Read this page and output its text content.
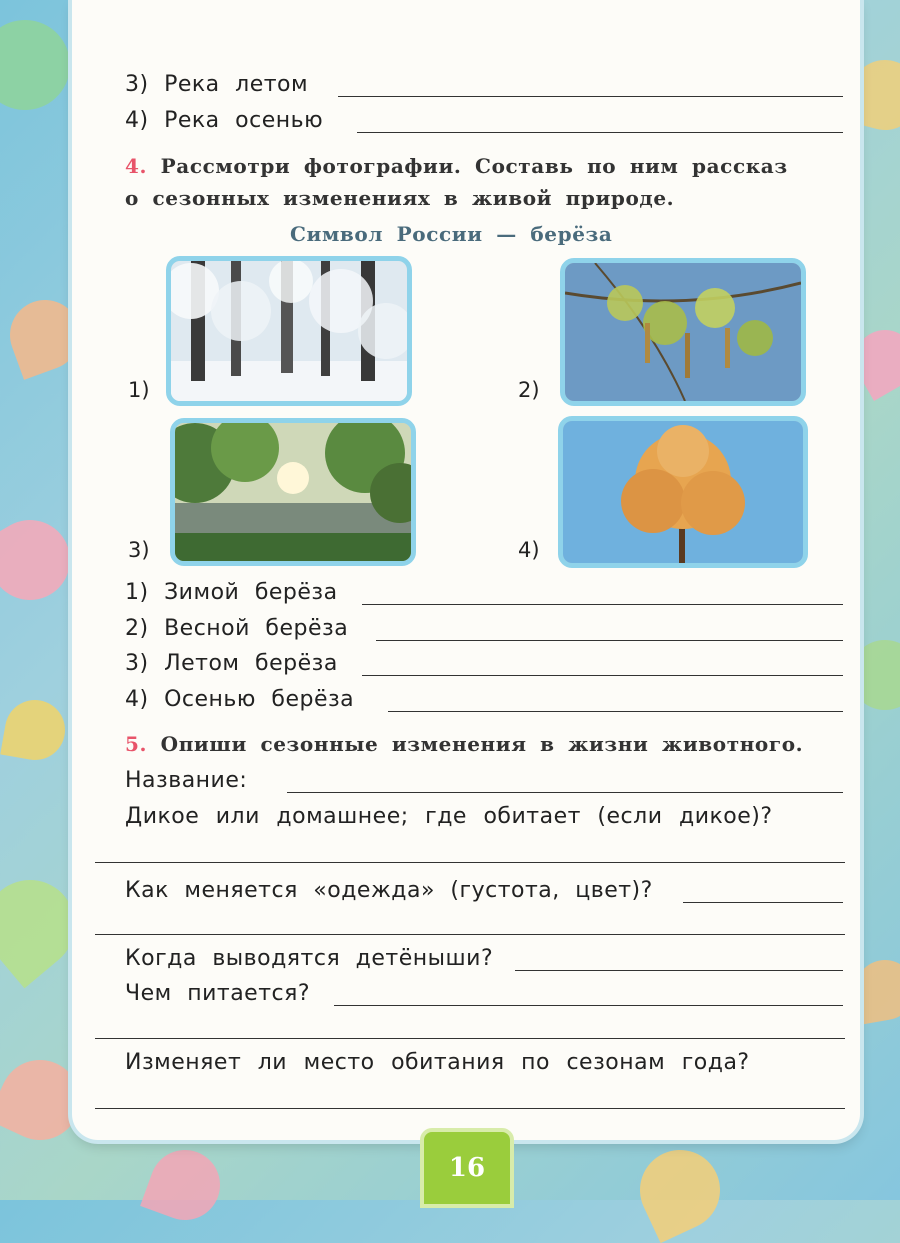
3) Река летом
4) Река осенью
4. Рассмотри фотографии. Составь по ним рассказ
о сезонных изменениях в живой природе.
Символ России — берёза
1)	2)
3)	4)
1) Зимой берёза
2) Весной берёза
3) Летом берёза
4) Осенью берёза
5. Опиши сезонные изменения в жизни животного.
Название:
Дикое или домашнее; где обитает (если дикое)?
Как меняется «одежда» (густота, цвет)?
Когда выводятся детёныши?
Чем питается?
Изменяет ли место обитания по сезонам года?
16
